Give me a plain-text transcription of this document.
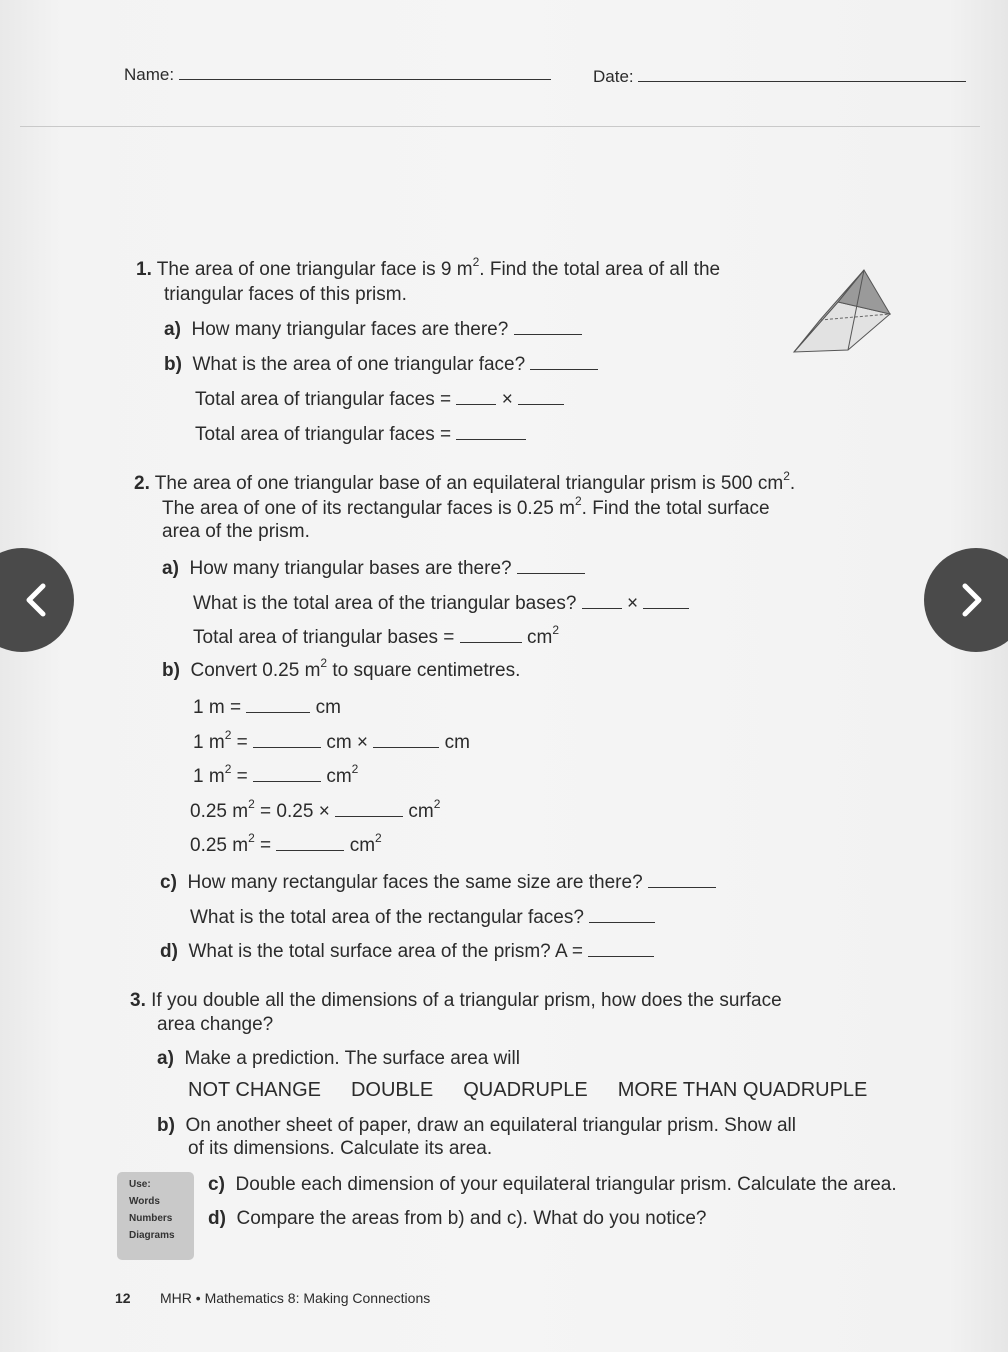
Name:	Date:
1. The area of one triangular face is 9 $m^2$. Find the total area of all the
triangular faces of this prism.
a) How many triangular faces are there?
b) What is the area of one triangular face?
Total area of triangular faces =	×
Total area of triangular faces =
2. The area of one triangular base of an equilateral triangular prism is 500 $cm^2$.
The area of one of its rectangular faces is 0.25 $m^2$. Find the total surface
area of the prism.
a) How many triangular bases are there?
What is the total area of the triangular bases?	×
Total area of triangular bases =	$cm^2$
b) Convert 0.25 $m^2$ to square centimetres.
1 m =	cm
1 $m^2$ =	cm ×	cm
1 $m^2$ =	$cm^2$
0.25 $m^2 = 0.25$ ×	$cm^2$
0.25 $m^2$ =	$cm^2$
c) How many rectangular faces the same size are there?
What is the total area of the rectangular faces?
d) What is the total surface area of the prism? A =
3. If you double all the dimensions of a triangular prism, how does the surface
area change?
a) Make a prediction. The surface area will
NOT CHANGE DOUBLE QUADRUPLE MORE THAN QUADRUPLE
b) On another sheet of paper, draw an equilateral triangular prism. Show all
of its dimensions. Calculate its area.
Use:
Words
Numbers
Diagrams
c) Double each dimension of your equilateral triangular prism. Calculate the area.
d) Compare the areas from b) and c). What do you notice?
12 MHR • Mathematics 8: Making Connections
